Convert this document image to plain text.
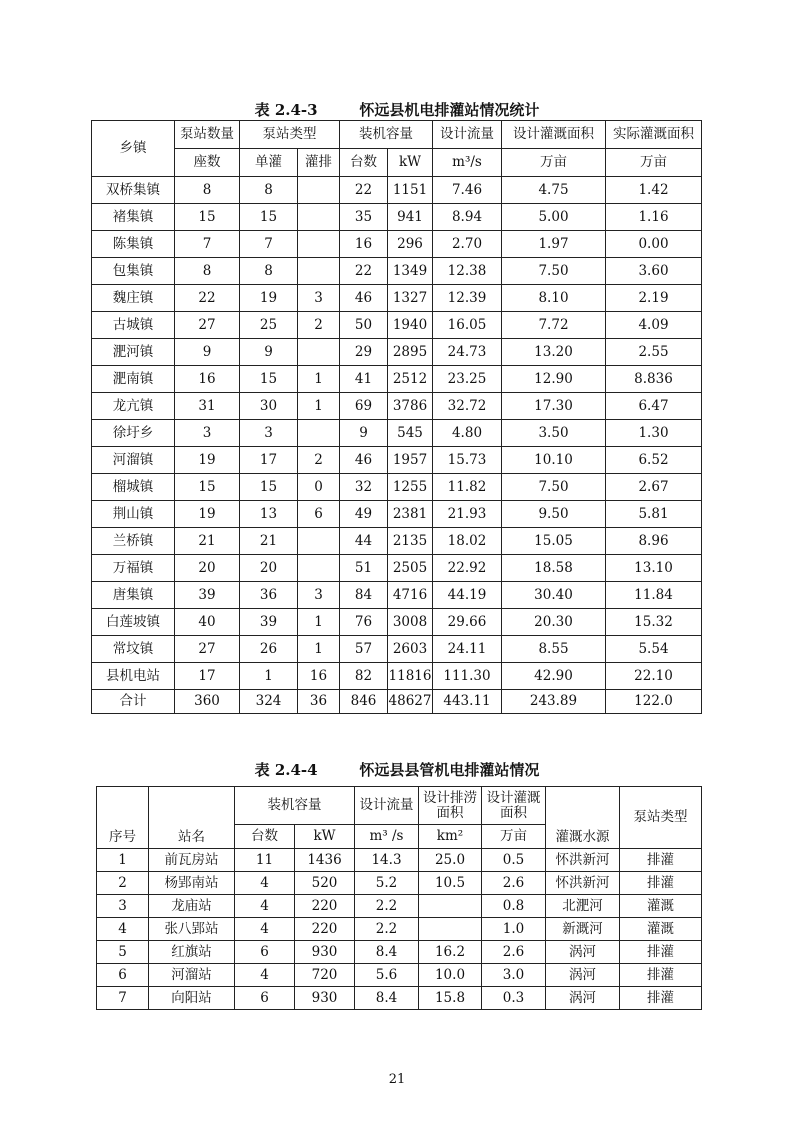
表 2.4-3        怀远县机电排灌站情况统计
乡镇	泵站数量	泵站类型		装机容量		设计流量	设计灌溉面积	实际灌溉面积
	座数	单灌	灌排	台数	kW	m³/s	万亩	万亩
双桥集镇	8	8		22	1151	7.46	4.75	1.42
褚集镇	15	15		35	941	8.94	5.00	1.16
陈集镇	7	7		16	296	2.70	1.97	0.00
包集镇	8	8		22	1349	12.38	7.50	3.60
魏庄镇	22	19	3	46	1327	12.39	8.10	2.19
古城镇	27	25	2	50	1940	16.05	7.72	4.09
淝河镇	9	9		29	2895	24.73	13.20	2.55
淝南镇	16	15	1	41	2512	23.25	12.90	8.836
龙亢镇	31	30	1	69	3786	32.72	17.30	6.47
徐圩乡	3	3		9	545	4.80	3.50	1.30
河溜镇	19	17	2	46	1957	15.73	10.10	6.52
榴城镇	15	15	0	32	1255	11.82	7.50	2.67
荆山镇	19	13	6	49	2381	21.93	9.50	5.81
兰桥镇	21	21		44	2135	18.02	15.05	8.96
万福镇	20	20		51	2505	22.92	18.58	13.10
唐集镇	39	36	3	84	4716	44.19	30.40	11.84
白莲坡镇	40	39	1	76	3008	29.66	20.30	15.32
常坟镇	27	26	1	57	2603	24.11	8.55	5.54
县机电站	17	1	16	82	11816	111.30	42.90	22.10
合计	360	324	36	846	48627	443.11	243.89	122.0
表 2.4-4        怀远县县管机电排灌站情况
序号	站名	装机容量		设计流量	设计排涝面积	设计灌溉面积	灌溉水源	泵站类型
		台数	kW	m³ /s	km²	万亩		
1	前瓦房站	11	1436	14.3	25.0	0.5	怀洪新河	排灌
2	杨郢南站	4	520	5.2	10.5	2.6	怀洪新河	排灌
3	龙庙站	4	220	2.2		0.8	北淝河	灌溉
4	张八郢站	4	220	2.2		1.0	新溉河	灌溉
5	红旗站	6	930	8.4	16.2	2.6	涡河	排灌
6	河溜站	4	720	5.6	10.0	3.0	涡河	排灌
7	向阳站	6	930	8.4	15.8	0.3	涡河	排灌
21
